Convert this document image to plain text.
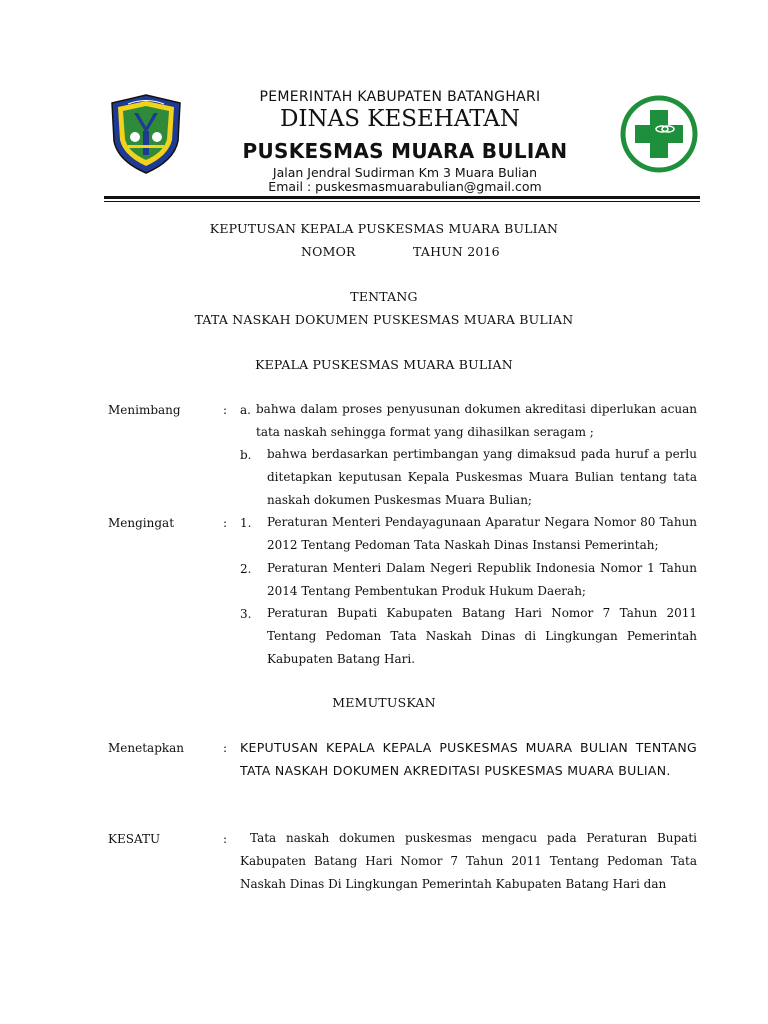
PEMERINTAH KABUPATEN BATANGHARI
DINAS KESEHATAN
PUSKESMAS MUARA BULIAN
Jalan Jendral Sudirman Km 3 Muara Bulian
Email : puskesmasmuarabulian@gmail.com
KEPUTUSAN KEPALA PUSKESMAS MUARA BULIAN
NOMOR	TAHUN 2016
TENTANG
TATA NASKAH DOKUMEN PUSKESMAS MUARA BULIAN
KEPALA PUSKESMAS MUARA BULIAN
Menimbang	: a. bahwa dalam proses penyusunan dokumen akreditasi diperlukan acuan tata naskah sehingga format yang dihasilkan seragam ;
b. bahwa berdasarkan pertimbangan yang dimaksud pada huruf a perlu ditetapkan keputusan Kepala Puskesmas Muara Bulian tentang tata naskah dokumen Puskesmas Muara Bulian;
Mengingat	: 1. Peraturan Menteri Pendayagunaan Aparatur Negara Nomor 80 Tahun 2012 Tentang Pedoman Tata Naskah Dinas Instansi Pemerintah;
2. Peraturan Menteri Dalam Negeri Republik Indonesia Nomor 1 Tahun 2014 Tentang Pembentukan Produk Hukum Daerah;
3. Peraturan Bupati Kabupaten Batang Hari Nomor 7 Tahun 2011 Tentang Pedoman Tata Naskah Dinas di Lingkungan Pemerintah Kabupaten Batang Hari.
MEMUTUSKAN
Menetapkan	: KEPUTUSAN KEPALA KEPALA PUSKESMAS MUARA BULIAN TENTANG TATA NASKAH DOKUMEN AKREDITASI PUSKESMAS MUARA BULIAN.
KESATU	:	Tata naskah dokumen puskesmas mengacu pada Peraturan Bupati Kabupaten Batang Hari Nomor 7 Tahun 2011 Tentang Pedoman Tata Naskah Dinas Di Lingkungan Pemerintah Kabupaten Batang Hari dan
